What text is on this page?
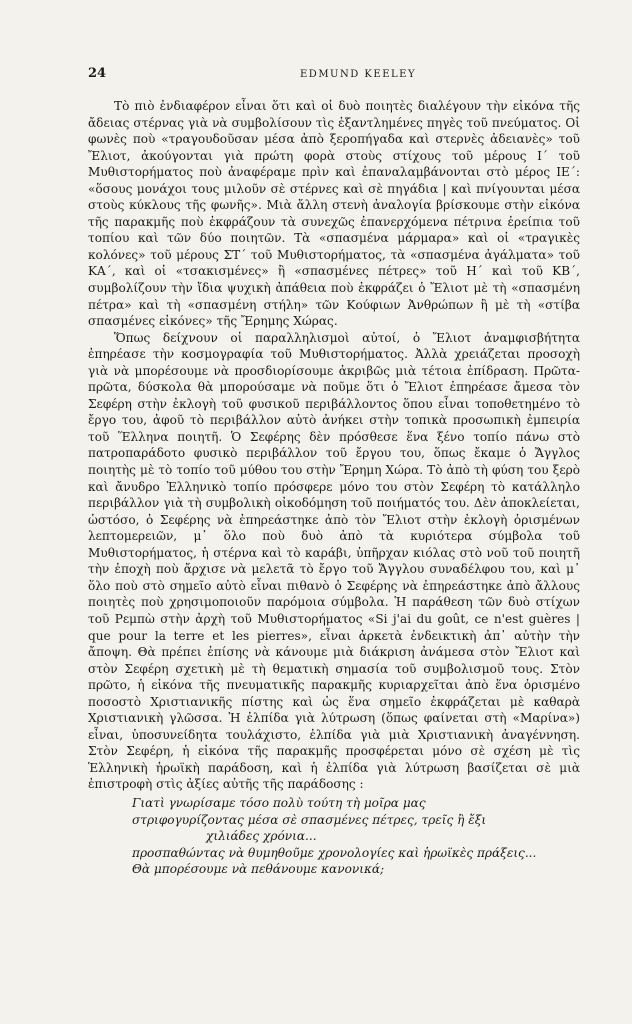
24	EDMUND KEELEY

Τὸ πιὸ ἐνδιαφέρον εἶναι ὅτι καὶ οἱ δυὸ ποιητὲς διαλέγουν τὴν εἰκόνα τῆς ἄδειας στέρνας γιὰ νὰ συμβολίσουν τὶς ἐξαντλημένες πηγὲς τοῦ πνεύματος. Οἱ φωνὲς ποὺ «τραγουδοῦσαν μέσα ἀπὸ ξεροπήγαδα καὶ στερνὲς ἀδειανὲς» τοῦ Ἔλιοτ, ἀκούγονται γιὰ πρώτη φορὰ στοὺς στίχους τοῦ μέρους Ι΄ τοῦ Μυθιστορήματος ποὺ ἀναφέραμε πρὶν καὶ ἐπαναλαμβάνονται στὸ μέρος ΙΕ΄: «ὅσους μονάχοι τους μιλοῦν σὲ στέρνες καὶ σὲ πηγάδια | καὶ πνίγουνται μέσα στοὺς κύκλους τῆς φωνῆς». Μιὰ ἄλλη στενὴ ἀναλογία βρίσκουμε στὴν εἰκόνα τῆς παρακμῆς ποὺ ἐκφράζουν τὰ συνεχῶς ἐπανερχόμενα πέτρινα ἐρείπια τοῦ τοπίου καὶ τῶν δύο ποιητῶν. Τὰ «σπασμένα μάρμαρα» καὶ οἱ «τραγικὲς κολόνες» τοῦ μέρους ΣΤ΄ τοῦ Μυθιστορήματος, τὰ «σπασμένα ἀγάλματα» τοῦ ΚΑ΄, καὶ οἱ «τσακισμένες» ἢ «σπασμένες πέτρες» τοῦ Η΄ καὶ τοῦ ΚΒ΄, συμβολίζουν τὴν ἴδια ψυχικὴ ἀπάθεια ποὺ ἐκφράζει ὁ Ἔλιοτ μὲ τὴ «σπασμένη πέτρα» καὶ τὴ «σπασμένη στήλη» τῶν Κούφιων Ἀνθρώπων ἢ μὲ τὴ «στίβα σπασμένες εἰκόνες» τῆς Ἔρημης Χώρας.

Ὅπως δείχνουν οἱ παραλληλισμοὶ αὐτοί, ὁ Ἔλιοτ ἀναμφισβήτητα ἐπηρέασε τὴν κοσμογραφία τοῦ Μυθιστορήματος. Ἀλλὰ χρειάζεται προσοχὴ γιὰ νὰ μπορέσουμε νὰ προσδιορίσουμε ἀκριβῶς μιὰ τέτοια ἐπίδραση. Πρῶτα-πρῶτα, δύσκολα θὰ μπορούσαμε νὰ ποῦμε ὅτι ὁ Ἔλιοτ ἐπηρέασε ἄμεσα τὸν Σεφέρη στὴν ἐκλογὴ τοῦ φυσικοῦ περιβάλλοντος ὅπου εἶναι τοποθετημένο τὸ ἔργο του, ἀφοῦ τὸ περιβάλλον αὐτὸ ἀνήκει στὴν τοπικὰ προσωπικὴ ἐμπειρία τοῦ Ἕλληνα ποιητῆ. Ὁ Σεφέρης δὲν πρόσθεσε ἕνα ξένο τοπίο πάνω στὸ πατροπαράδοτο φυσικὸ περιβάλλον τοῦ ἔργου του, ὅπως ἔκαμε ὁ Ἄγγλος ποιητὴς μὲ τὸ τοπίο τοῦ μύθου του στὴν Ἔρημη Χώρα. Τὸ ἀπὸ τὴ φύση του ξερὸ καὶ ἄνυδρο Ἑλληνικὸ τοπίο πρόσφερε μόνο του στὸν Σεφέρη τὸ κατάλληλο περιβάλλον γιὰ τὴ συμβολικὴ οἰκοδόμηση τοῦ ποιήματός του. Δὲν ἀποκλείεται, ὡστόσο, ὁ Σεφέρης νὰ ἐπηρεάστηκε ἀπὸ τὸν Ἔλιοτ στὴν ἐκλογὴ ὁρισμένων λεπτομερειῶν, μ᾿ ὅλο ποὺ δυὸ ἀπὸ τὰ κυριότερα σύμβολα τοῦ Μυθιστορήματος, ἡ στέρνα καὶ τὸ καράβι, ὑπῆρχαν κιόλας στὸ νοῦ τοῦ ποιητῆ τὴν ἐποχὴ ποὺ ἄρχισε νὰ μελετᾶ τὸ ἔργο τοῦ Ἄγγλου συναδέλφου του, καὶ μ᾿ ὅλο ποὺ στὸ σημεῖο αὐτὸ εἶναι πιθανὸ ὁ Σεφέρης νὰ ἐπηρεάστηκε ἀπὸ ἄλλους ποιητὲς ποὺ χρησιμοποιοῦν παρόμοια σύμβολα. Ἡ παράθεση τῶν δυὸ στίχων τοῦ Ρεμπὼ στὴν ἀρχὴ τοῦ Μυθιστορήματος «Si j'ai du goût, ce n'est guères | que pour la terre et les pierres», εἶναι ἀρκετὰ ἐνδεικτικὴ ἀπ᾿ αὐτὴν τὴν ἄποψη. Θὰ πρέπει ἐπίσης νὰ κάνουμε μιὰ διάκριση ἀνάμεσα στὸν Ἔλιοτ καὶ στὸν Σεφέρη σχετικὴ μὲ τὴ θεματικὴ σημασία τοῦ συμβολισμοῦ τους. Στὸν πρῶτο, ἡ εἰκόνα τῆς πνευματικῆς παρακμῆς κυριαρχεῖται ἀπὸ ἕνα ὁρισμένο ποσοστὸ Χριστιανικῆς πίστης καὶ ὡς ἕνα σημεῖο ἐκφράζεται μὲ καθαρὰ Χριστιανικὴ γλῶσσα. Ἡ ἐλπίδα γιὰ λύτρωση (ὅπως φαίνεται στὴ «Μαρίνα») εἶναι, ὑποσυνείδητα τουλάχιστο, ἐλπίδα γιὰ μιὰ Χριστιανικὴ ἀναγέννηση. Στὸν Σεφέρη, ἡ εἰκόνα τῆς παρακμῆς προσφέρεται μόνο σὲ σχέση μὲ τὶς Ἑλληνικὴ ἡρωϊκὴ παράδοση, καὶ ἡ ἐλπίδα γιὰ λύτρωση βασίζεται σὲ μιὰ ἐπιστροφὴ στὶς ἀξίες αὐτῆς τῆς παράδοσης :

Γιατὶ γνωρίσαμε τόσο πολὺ τούτη τὴ μοῖρα μας
στριφογυρίζοντας μέσα σὲ σπασμένες πέτρες, τρεῖς ἢ ἔξι
χιλιάδες χρόνια...
προσπαθώντας νὰ θυμηθοῦμε χρονολογίες καὶ ἡρωϊκὲς πράξεις...
Θὰ μπορέσουμε νὰ πεθάνουμε κανονικά;
